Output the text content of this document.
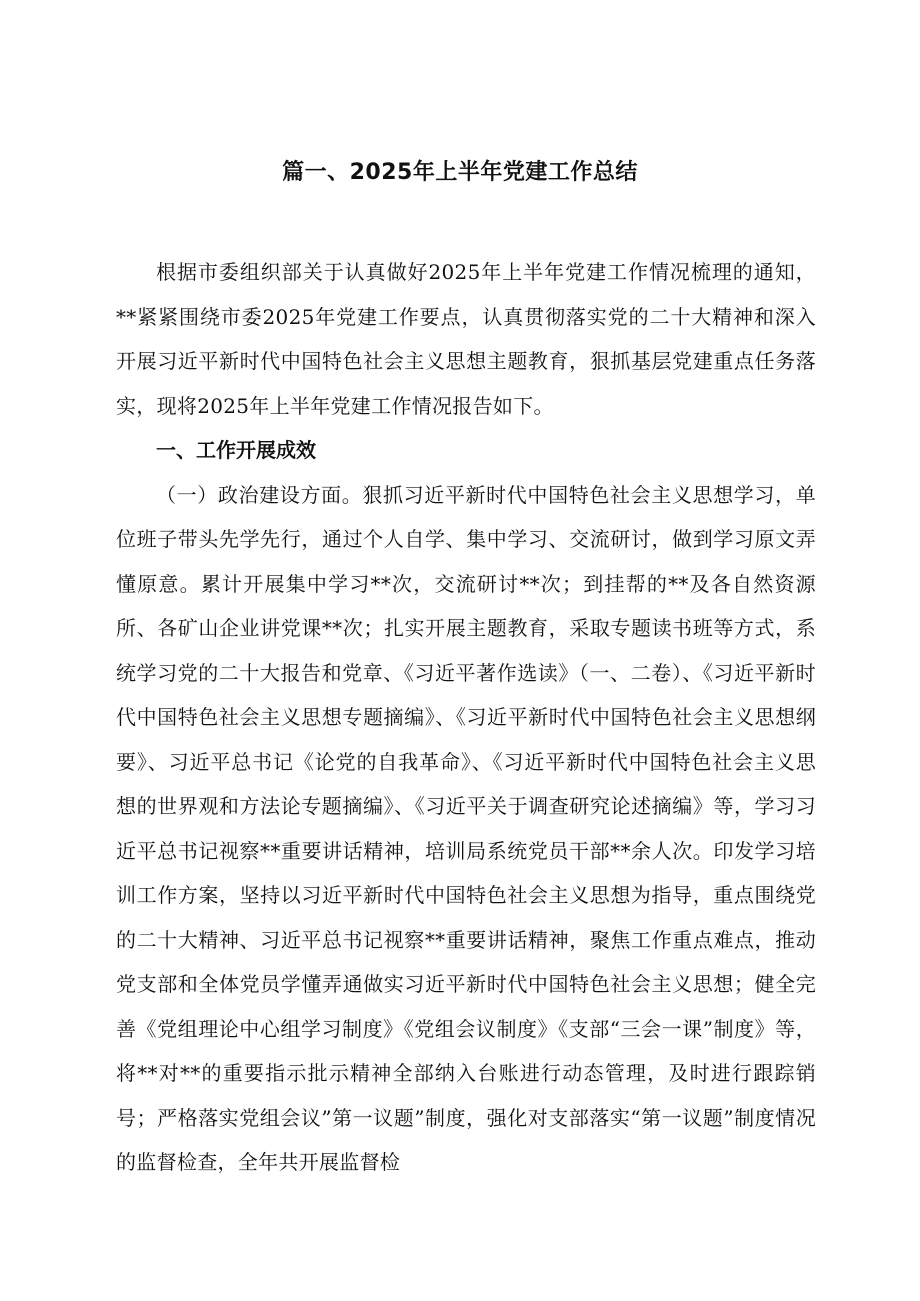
篇一、2025年上半年党建工作总结

根据市委组织部关于认真做好2025年上半年党建工作情况梳理的通知，**紧紧围绕市委2025年党建工作要点，认真贯彻落实党的二十大精神和深入开展习近平新时代中国特色社会主义思想主题教育，狠抓基层党建重点任务落实，现将2025年上半年党建工作情况报告如下。

一、工作开展成效

（一）政治建设方面。狠抓习近平新时代中国特色社会主义思想学习，单位班子带头先学先行，通过个人自学、集中学习、交流研讨，做到学习原文弄懂原意。累计开展集中学习**次，交流研讨**次；到挂帮的**及各自然资源所、各矿山企业讲党课**次；扎实开展主题教育，采取专题读书班等方式，系统学习党的二十大报告和党章、《习近平著作选读》（一、二卷）、《习近平新时代中国特色社会主义思想专题摘编》、《习近平新时代中国特色社会主义思想纲要》、习近平总书记《论党的自我革命》、《习近平新时代中国特色社会主义思想的世界观和方法论专题摘编》、《习近平关于调查研究论述摘编》等，学习习近平总书记视察**重要讲话精神，培训局系统党员干部**余人次。印发学习培训工作方案，坚持以习近平新时代中国特色社会主义思想为指导，重点围绕党的二十大精神、习近平总书记视察**重要讲话精神，聚焦工作重点难点，推动党支部和全体党员学懂弄通做实习近平新时代中国特色社会主义思想；健全完善《党组理论中心组学习制度》《党组会议制度》《支部“三会一课”制度》等，将**对**的重要指示批示精神全部纳入台账进行动态管理，及时进行跟踪销号；严格落实党组会议”第一议题”制度，强化对支部落实“第一议题”制度情况的监督检查，全年共开展监督检
